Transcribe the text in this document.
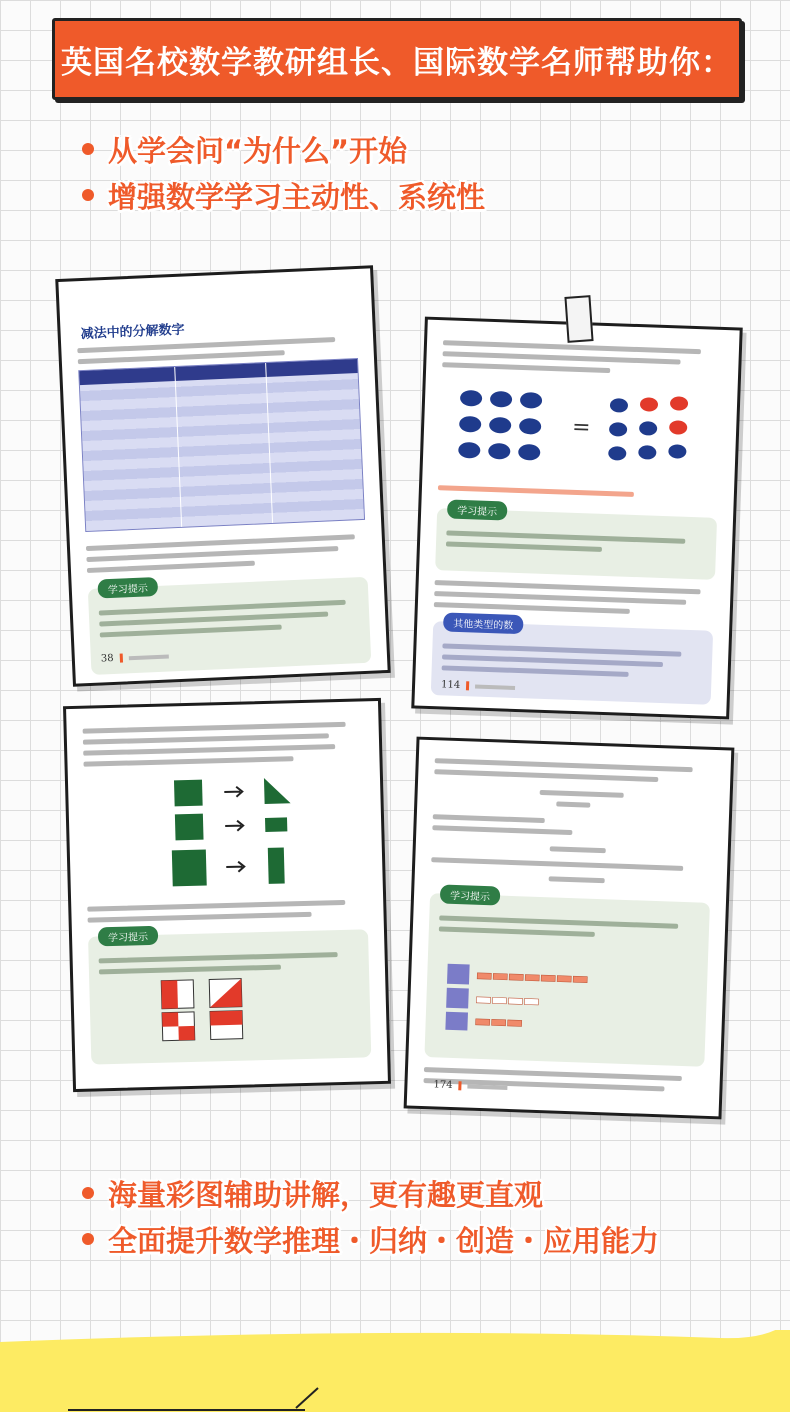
英国名校数学教研组长、国际数学名师帮助你：
从学会问“为什么”开始
增强数学学习主动性、系统性
减法中的分解数字
学习提示
38
=
学习提示
其他类型的数
114
学习提示
学习提示
174
海量彩图辅助讲解，更有趣更直观
全面提升数学推理・归纳・创造・应用能力
